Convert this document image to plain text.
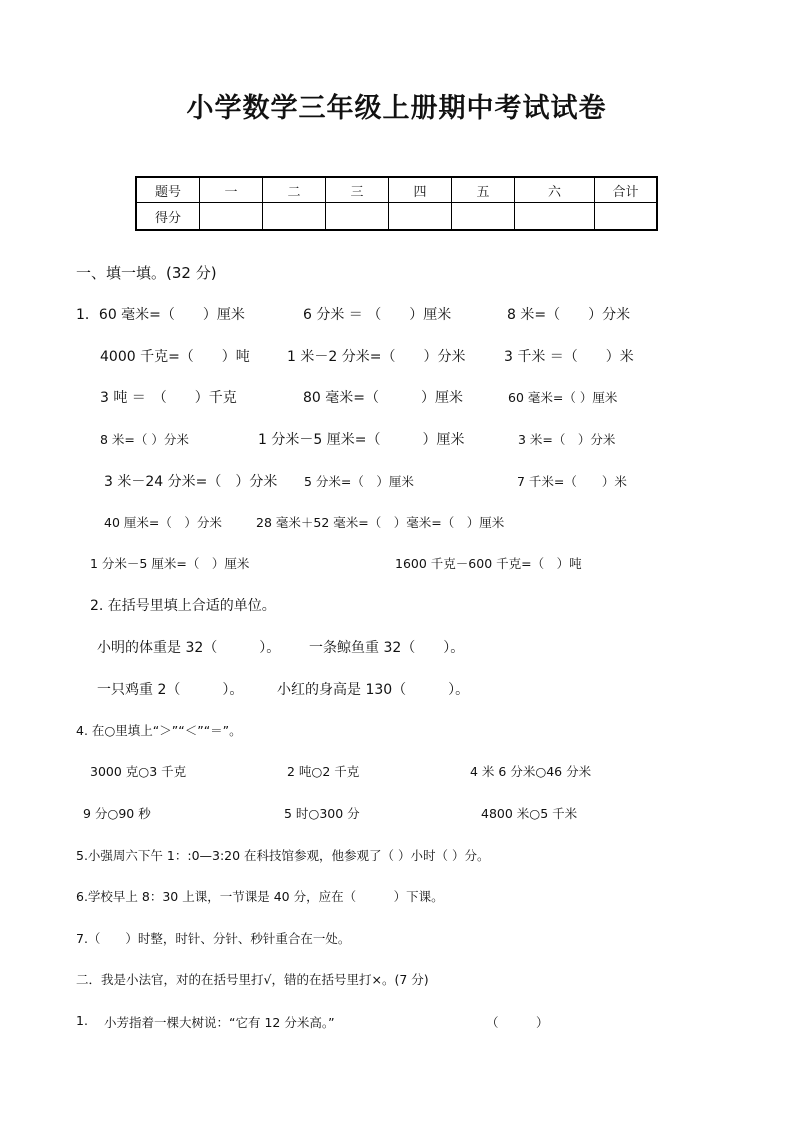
小学数学三年级上册期中考试试卷
题号	一	二	三	四	五	六	合计
得分							
一、填一填。(32 分)
1．60 毫米=（　　）厘米	6 分米 ＝ （　　）厘米	8 米=（　　）分米
4000 千克=（　　）吨	1 米－2 分米=（　　）分米	3 千米 ＝（　　）米
3 吨 ＝　（　　）千克	80 毫米=（　　　）厘米	60 毫米=（ ）厘米
8 米=（ ）分米	1 分米－5 厘米=（　　　）厘米	3 米=（　）分米
3 米－24 分米=（　）分米 5 分米=（　）厘米	7 千米=（　　）米
40 厘米=（　）分米	28 毫米＋52 毫米=（　）毫米=（　）厘米
1 分米－5 厘米=（　）厘米	1600 千克－600 千克=（　）吨
2. 在括号里填上合适的单位。
小明的体重是 32（　　　）。 一条鲸鱼重 32（　　）。
一只鸡重 2（　　　）。 小红的身高是 130（　　　）。
4. 在○里填上“＞”“＜”“＝”。
3000 克○3 千克	2 吨○2 千克	4 米 6 分米○46 分米
9 分○90 秒	5 时○300 分	4800 米○5 千米
5.小强周六下午 1：:0—3:20 在科技馆参观，他参观了（ ）小时（ ）分。
6.学校早上 8：30 上课，一节课是 40 分，应在（　　　）下课。
7.（　　）时整，时针、分针、秒针重合在一处。
二．我是小法官，对的在括号里打√，错的在括号里打×。(7 分)
1. 小芳指着一棵大树说：“它有 12 分米高。”	（　　　）
